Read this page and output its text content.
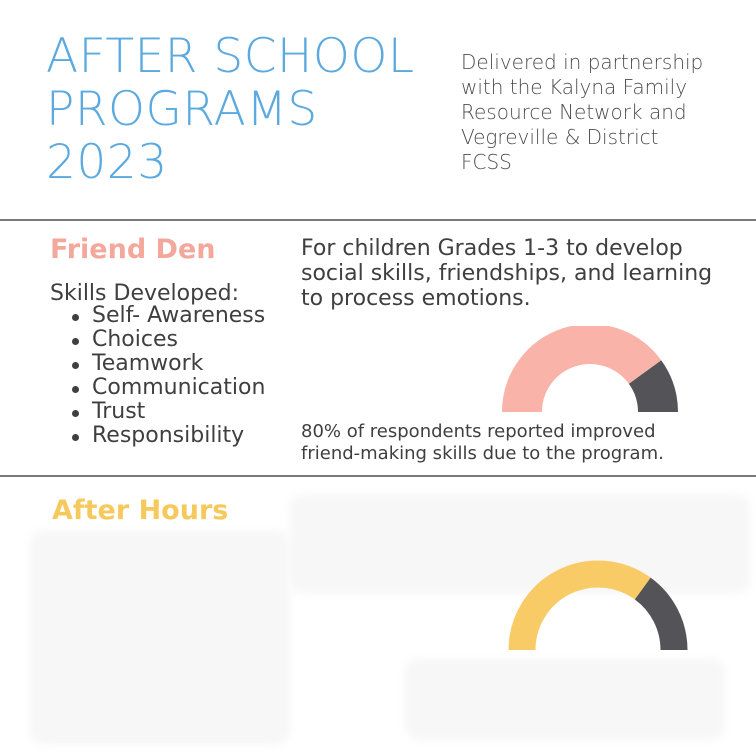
AFTER SCHOOL
PROGRAMS
2023
Delivered in partnership
with the Kalyna Family
Resource Network and
Vegreville & District
FCSS
Friend Den
Skills Developed:
Self- Awareness
Choices
Teamwork
Communication
Trust
Responsibility
For children Grades 1-3 to develop
social skills, friendships, and learning
to process emotions.
80% of respondents reported improved
friend-making skills due to the program.
After Hours
